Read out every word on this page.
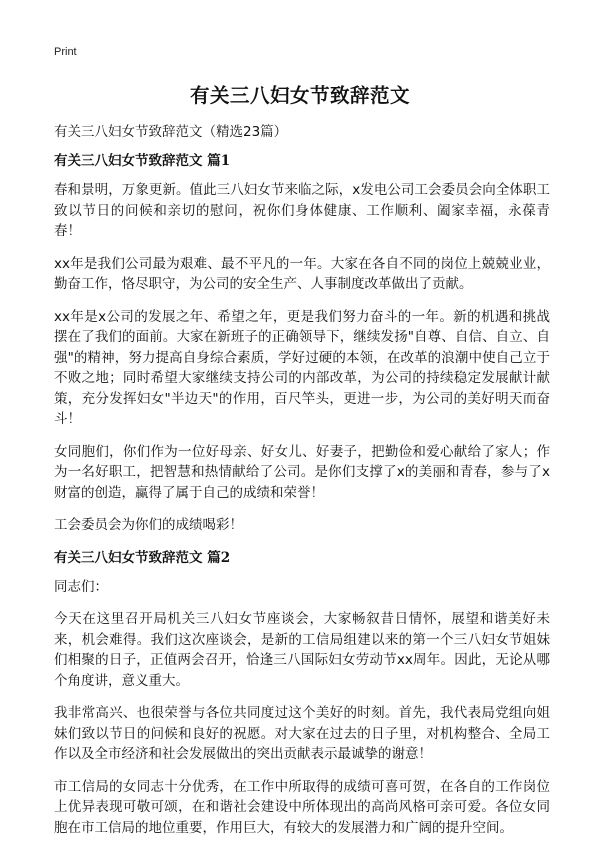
Print
有关三八妇女节致辞范文
有关三八妇女节致辞范文（精选23篇）
有关三八妇女节致辞范文 篇1

春和景明，万象更新。值此三八妇女节来临之际，x发电公司工会委员会向全体职工致以节日的问候和亲切的慰问，祝你们身体健康、工作顺利、阖家幸福，永葆青春！

xx年是我们公司最为艰难、最不平凡的一年。大家在各自不同的岗位上兢兢业业，勤奋工作，恪尽职守，为公司的安全生产、人事制度改革做出了贡献。

xx年是x公司的发展之年、希望之年，更是我们努力奋斗的一年。新的机遇和挑战摆在了我们的面前。大家在新班子的正确领导下，继续发扬"自尊、自信、自立、自强"的精神，努力提高自身综合素质，学好过硬的本领，在改革的浪潮中使自己立于不败之地；同时希望大家继续支持公司的内部改革，为公司的持续稳定发展献计献策，充分发挥妇女"半边天"的作用，百尺竿头，更进一步，为公司的美好明天而奋斗！

女同胞们，你们作为一位好母亲、好女儿、好妻子，把勤俭和爱心献给了家人；作为一名好职工，把智慧和热情献给了公司。是你们支撑了x的美丽和青春，参与了x财富的创造，赢得了属于自己的成绩和荣誉！

工会委员会为你们的成绩喝彩！

有关三八妇女节致辞范文 篇2

同志们：

今天在这里召开局机关三八妇女节座谈会，大家畅叙昔日情怀，展望和谐美好未来，机会难得。我们这次座谈会，是新的工信局组建以来的第一个三八妇女节姐妹们相聚的日子，正值两会召开，恰逢三八国际妇女劳动节xx周年。因此，无论从哪个角度讲，意义重大。

我非常高兴、也很荣誉与各位共同度过这个美好的时刻。首先，我代表局党组向姐妹们致以节日的问候和良好的祝愿。对大家在过去的日子里，对机构整合、全局工作以及全市经济和社会发展做出的突出贡献表示最诚挚的谢意！

市工信局的女同志十分优秀，在工作中所取得的成绩可喜可贺，在各自的工作岗位上优异表现可敬可颂，在和谐社会建设中所体现出的高尚风格可亲可爱。各位女同胞在市工信局的地位重要，作用巨大，有较大的发展潜力和广阔的提升空间。
